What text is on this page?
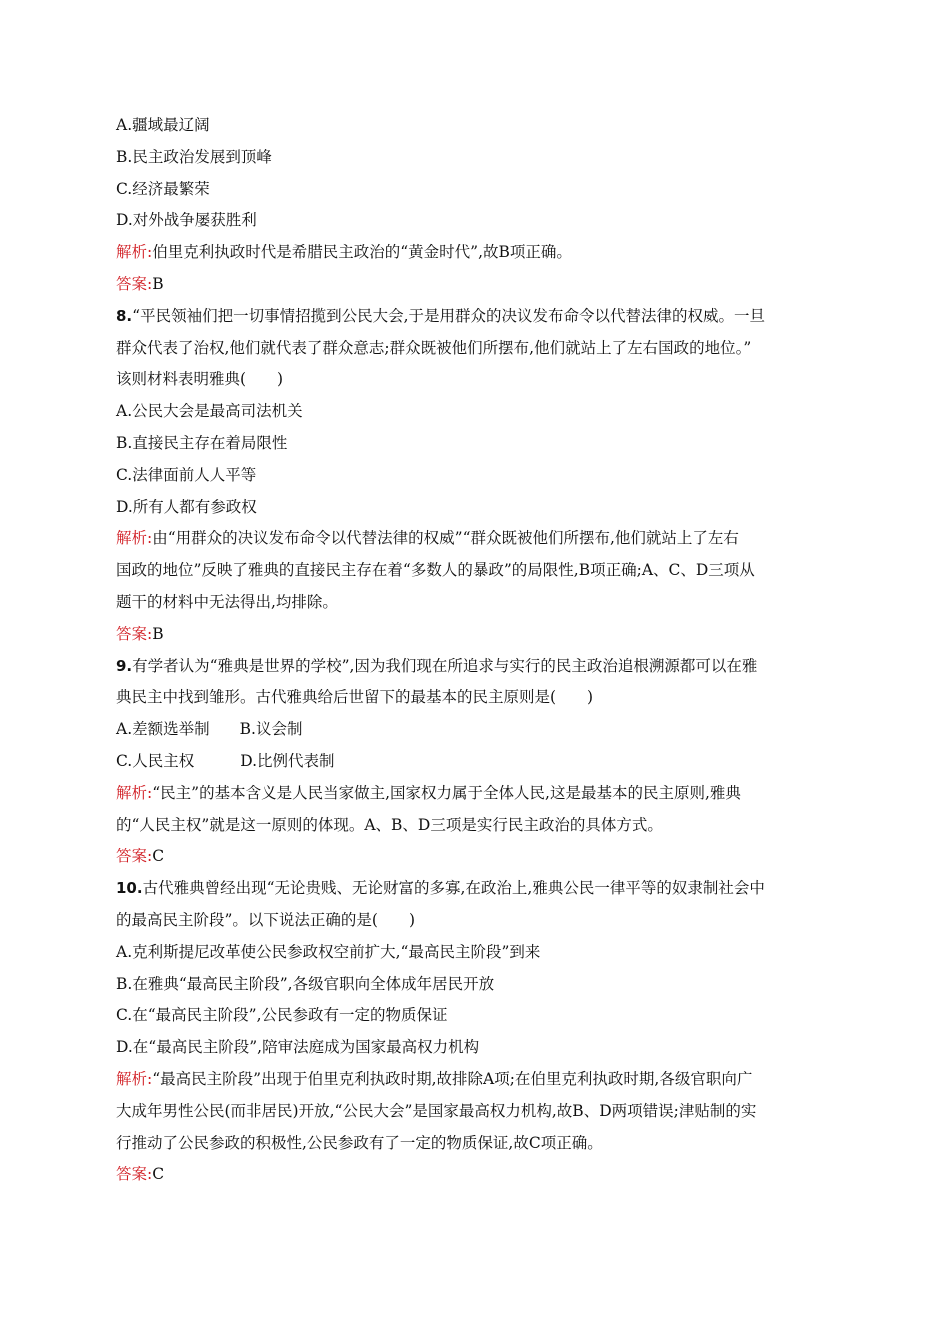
A.疆域最辽阔
B.民主政治发展到顶峰
C.经济最繁荣
D.对外战争屡获胜利
解析:伯里克利执政时代是希腊民主政治的“黄金时代”,故B项正确。
答案:B
8.“平民领袖们把一切事情招揽到公民大会,于是用群众的决议发布命令以代替法律的权威。一旦
群众代表了治权,他们就代表了群众意志;群众既被他们所摆布,他们就站上了左右国政的地位。”
该则材料表明雅典(　　)
A.公民大会是最高司法机关
B.直接民主存在着局限性
C.法律面前人人平等
D.所有人都有参政权
解析:由“用群众的决议发布命令以代替法律的权威”“群众既被他们所摆布,他们就站上了左右
国政的地位”反映了雅典的直接民主存在着“多数人的暴政”的局限性,B项正确;A、C、D三项从
题干的材料中无法得出,均排除。
答案:B
9.有学者认为“雅典是世界的学校”,因为我们现在所追求与实行的民主政治追根溯源都可以在雅
典民主中找到雏形。古代雅典给后世留下的最基本的民主原则是(　　)
A.差额选举制 B.议会制
C.人民主权	D.比例代表制
解析:“民主”的基本含义是人民当家做主,国家权力属于全体人民,这是最基本的民主原则,雅典
的“人民主权”就是这一原则的体现。A、B、D三项是实行民主政治的具体方式。
答案:C
10.古代雅典曾经出现“无论贵贱、无论财富的多寡,在政治上,雅典公民一律平等的奴隶制社会中
的最高民主阶段”。以下说法正确的是(　　)
A.克利斯提尼改革使公民参政权空前扩大,“最高民主阶段”到来
B.在雅典“最高民主阶段”,各级官职向全体成年居民开放
C.在“最高民主阶段”,公民参政有一定的物质保证
D.在“最高民主阶段”,陪审法庭成为国家最高权力机构
解析:“最高民主阶段”出现于伯里克利执政时期,故排除A项;在伯里克利执政时期,各级官职向广
大成年男性公民(而非居民)开放,“公民大会”是国家最高权力机构,故B、D两项错误;津贴制的实
行推动了公民参政的积极性,公民参政有了一定的物质保证,故C项正确。
答案:C
